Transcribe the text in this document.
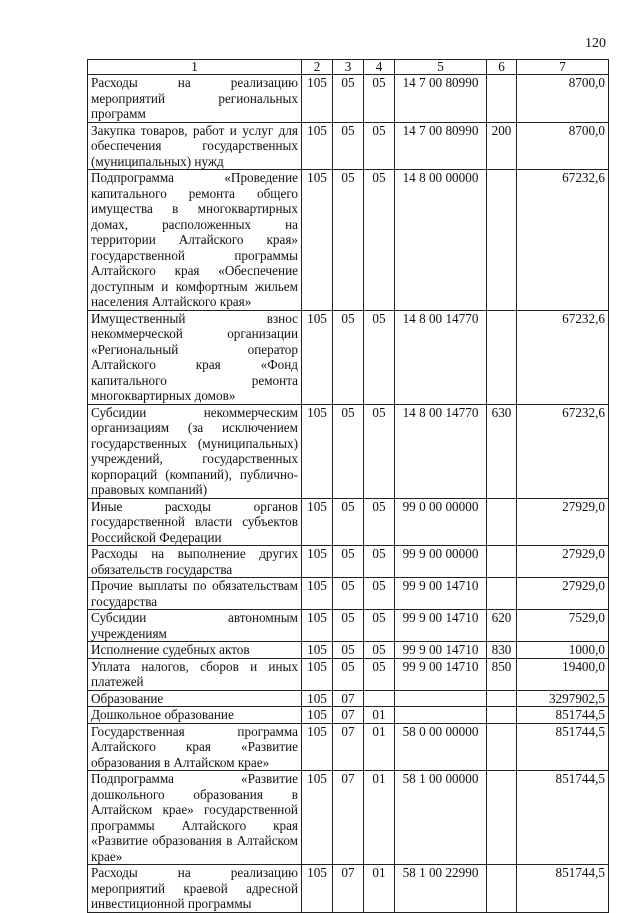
120
1	2	3	4	5	6	7
Расходы на реализацию мероприятий региональных программ	105	05	05	14 7 00 80990		8700,0
Закупка товаров, работ и услуг для обеспечения государственных (муниципальных) нужд	105	05	05	14 7 00 80990	200	8700,0
Подпрограмма «Проведение капитального ремонта общего имущества в многоквартирных домах, расположенных на территории Алтайского края» государственной программы Алтайского края «Обеспечение доступным и комфортным жильем населения Алтайского края»	105	05	05	14 8 00 00000		67232,6
Имущественный взнос некоммерческой организации «Региональный оператор Алтайского края «Фонд капитального ремонта многоквартирных домов»	105	05	05	14 8 00 14770		67232,6
Субсидии некоммерческим организациям (за исключением государственных (муниципальных) учреждений, государственных корпораций (компаний), публично-правовых компаний)	105	05	05	14 8 00 14770	630	67232,6
Иные расходы органов государственной власти субъектов Российской Федерации	105	05	05	99 0 00 00000		27929,0
Расходы на выполнение других обязательств государства	105	05	05	99 9 00 00000		27929,0
Прочие выплаты по обязательствам государства	105	05	05	99 9 00 14710		27929,0
Субсидии автономным учреждениям	105	05	05	99 9 00 14710	620	7529,0
Исполнение судебных актов	105	05	05	99 9 00 14710	830	1000,0
Уплата налогов, сборов и иных платежей	105	05	05	99 9 00 14710	850	19400,0
Образование	105	07				3297902,5
Дошкольное образование	105	07	01			851744,5
Государственная программа Алтайского края «Развитие образования в Алтайском крае»	105	07	01	58 0 00 00000		851744,5
Подпрограмма «Развитие дошкольного образования в Алтайском крае» государственной программы Алтайского края «Развитие образования в Алтайском крае»	105	07	01	58 1 00 00000		851744,5
Расходы на реализацию мероприятий краевой адресной инвестиционной программы	105	07	01	58 1 00 22990		851744,5
